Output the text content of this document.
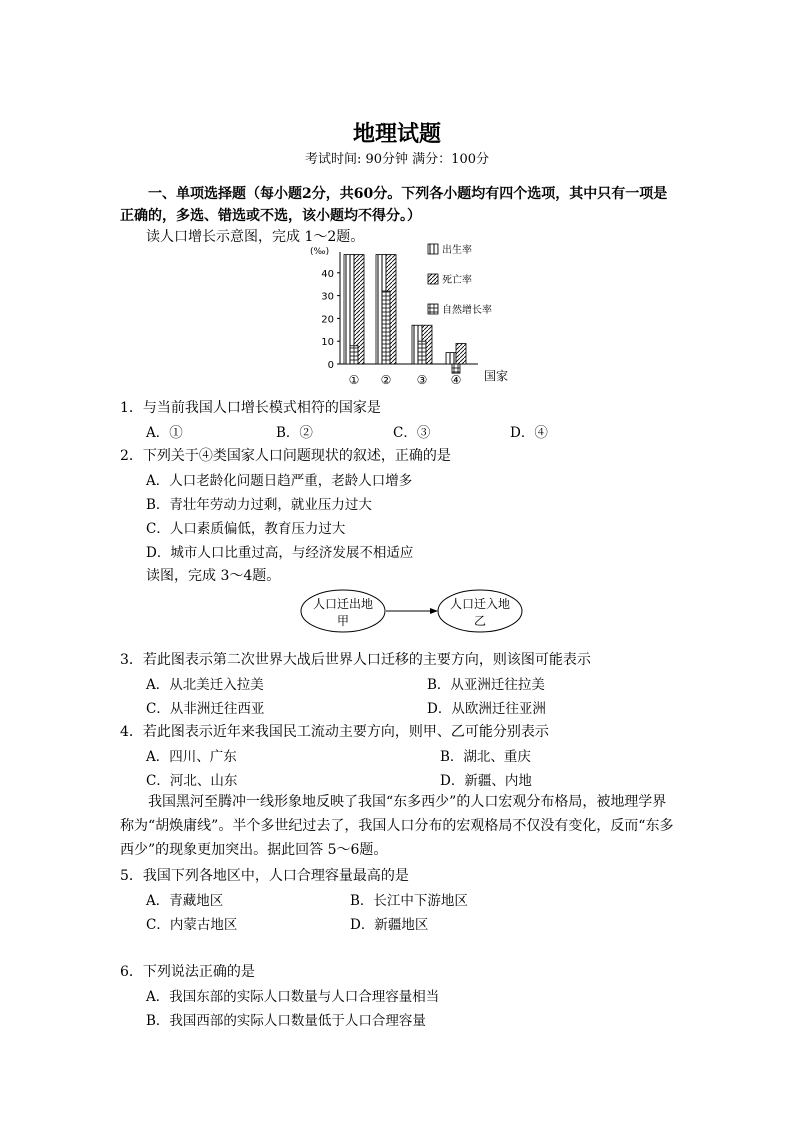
地理试题
考试时间: 90分钟 满分：100分
一、单项选择题（每小题2分，共60分。下列各小题均有四个选项，其中只有一项是
正确的，多选、错选或不选，该小题均不得分。）
读人口增长示意图，完成 1～2题。
0
10
20
30
40
① ② ③ ④
出生率
死亡率
自然增长率
(‰)
国家
1．与当前我国人口增长模式相符的国家是
A．①	B．②	C．③	D．④
2．下列关于④类国家人口问题现状的叙述，正确的是
A．人口老龄化问题日趋严重，老龄人口增多
B．青壮年劳动力过剩，就业压力过大
C．人口素质偏低，教育压力过大
D．城市人口比重过高，与经济发展不相适应
读图，完成 3～4题。
人口迁出地
甲
人口迁入地
乙
3．若此图表示第二次世界大战后世界人口迁移的主要方向，则该图可能表示
A．从北美迁入拉美	B．从亚洲迁往拉美
C．从非洲迁往西亚	D．从欧洲迁往亚洲
4．若此图表示近年来我国民工流动主要方向，则甲、乙可能分别表示
A．四川、广东	B．湖北、重庆
C．河北、山东	D．新疆、内地
我国黑河至腾冲一线形象地反映了我国“东多西少”的人口宏观分布格局，被地理学界称为“胡焕庸线”。半个多世纪过去了，我国人口分布的宏观格局不仅没有变化，反而“东多西少”的现象更加突出。据此回答 5～6题。
5．我国下列各地区中，人口合理容量最高的是
A．青藏地区	B．长江中下游地区
C．内蒙古地区	D．新疆地区
6．下列说法正确的是
A．我国东部的实际人口数量与人口合理容量相当
B．我国西部的实际人口数量低于人口合理容量
